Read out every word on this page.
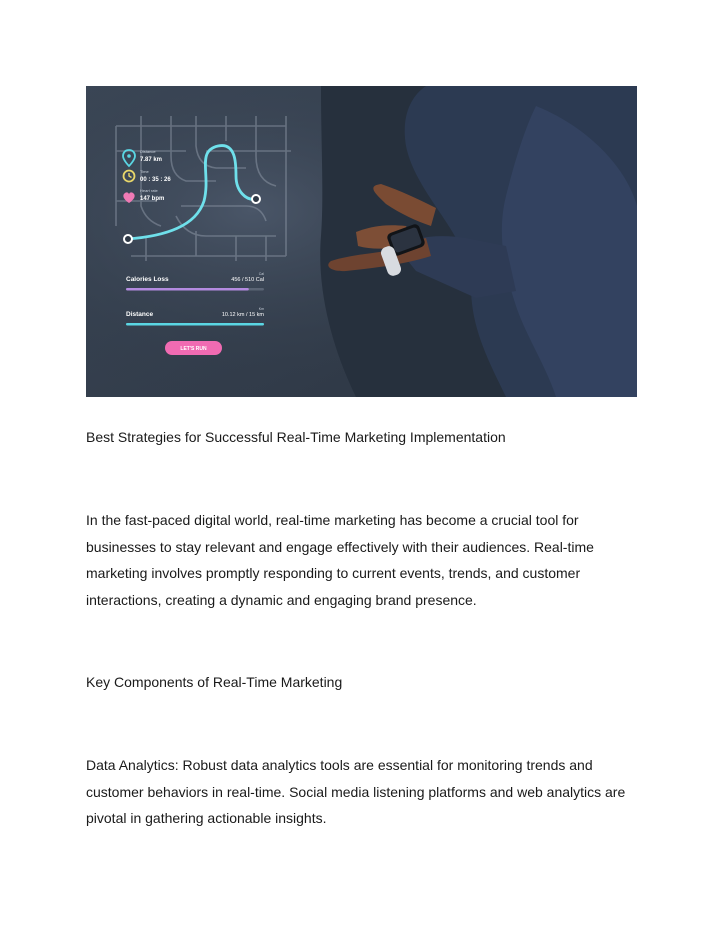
Distance
7.87 km
Time
00 : 35 : 26
Heart rate
147 bpm
Calories Loss
Cal
456 / 510 Cal
Distance
Km
10.12 km / 15 km
LET'S RUN

Best Strategies for Successful Real-Time Marketing Implementation

In the fast-paced digital world, real-time marketing has become a crucial tool for businesses to stay relevant and engage effectively with their audiences. Real-time marketing involves promptly responding to current events, trends, and customer interactions, creating a dynamic and engaging brand presence.

Key Components of Real-Time Marketing

Data Analytics: Robust data analytics tools are essential for monitoring trends and customer behaviors in real-time. Social media listening platforms and web analytics are pivotal in gathering actionable insights.
